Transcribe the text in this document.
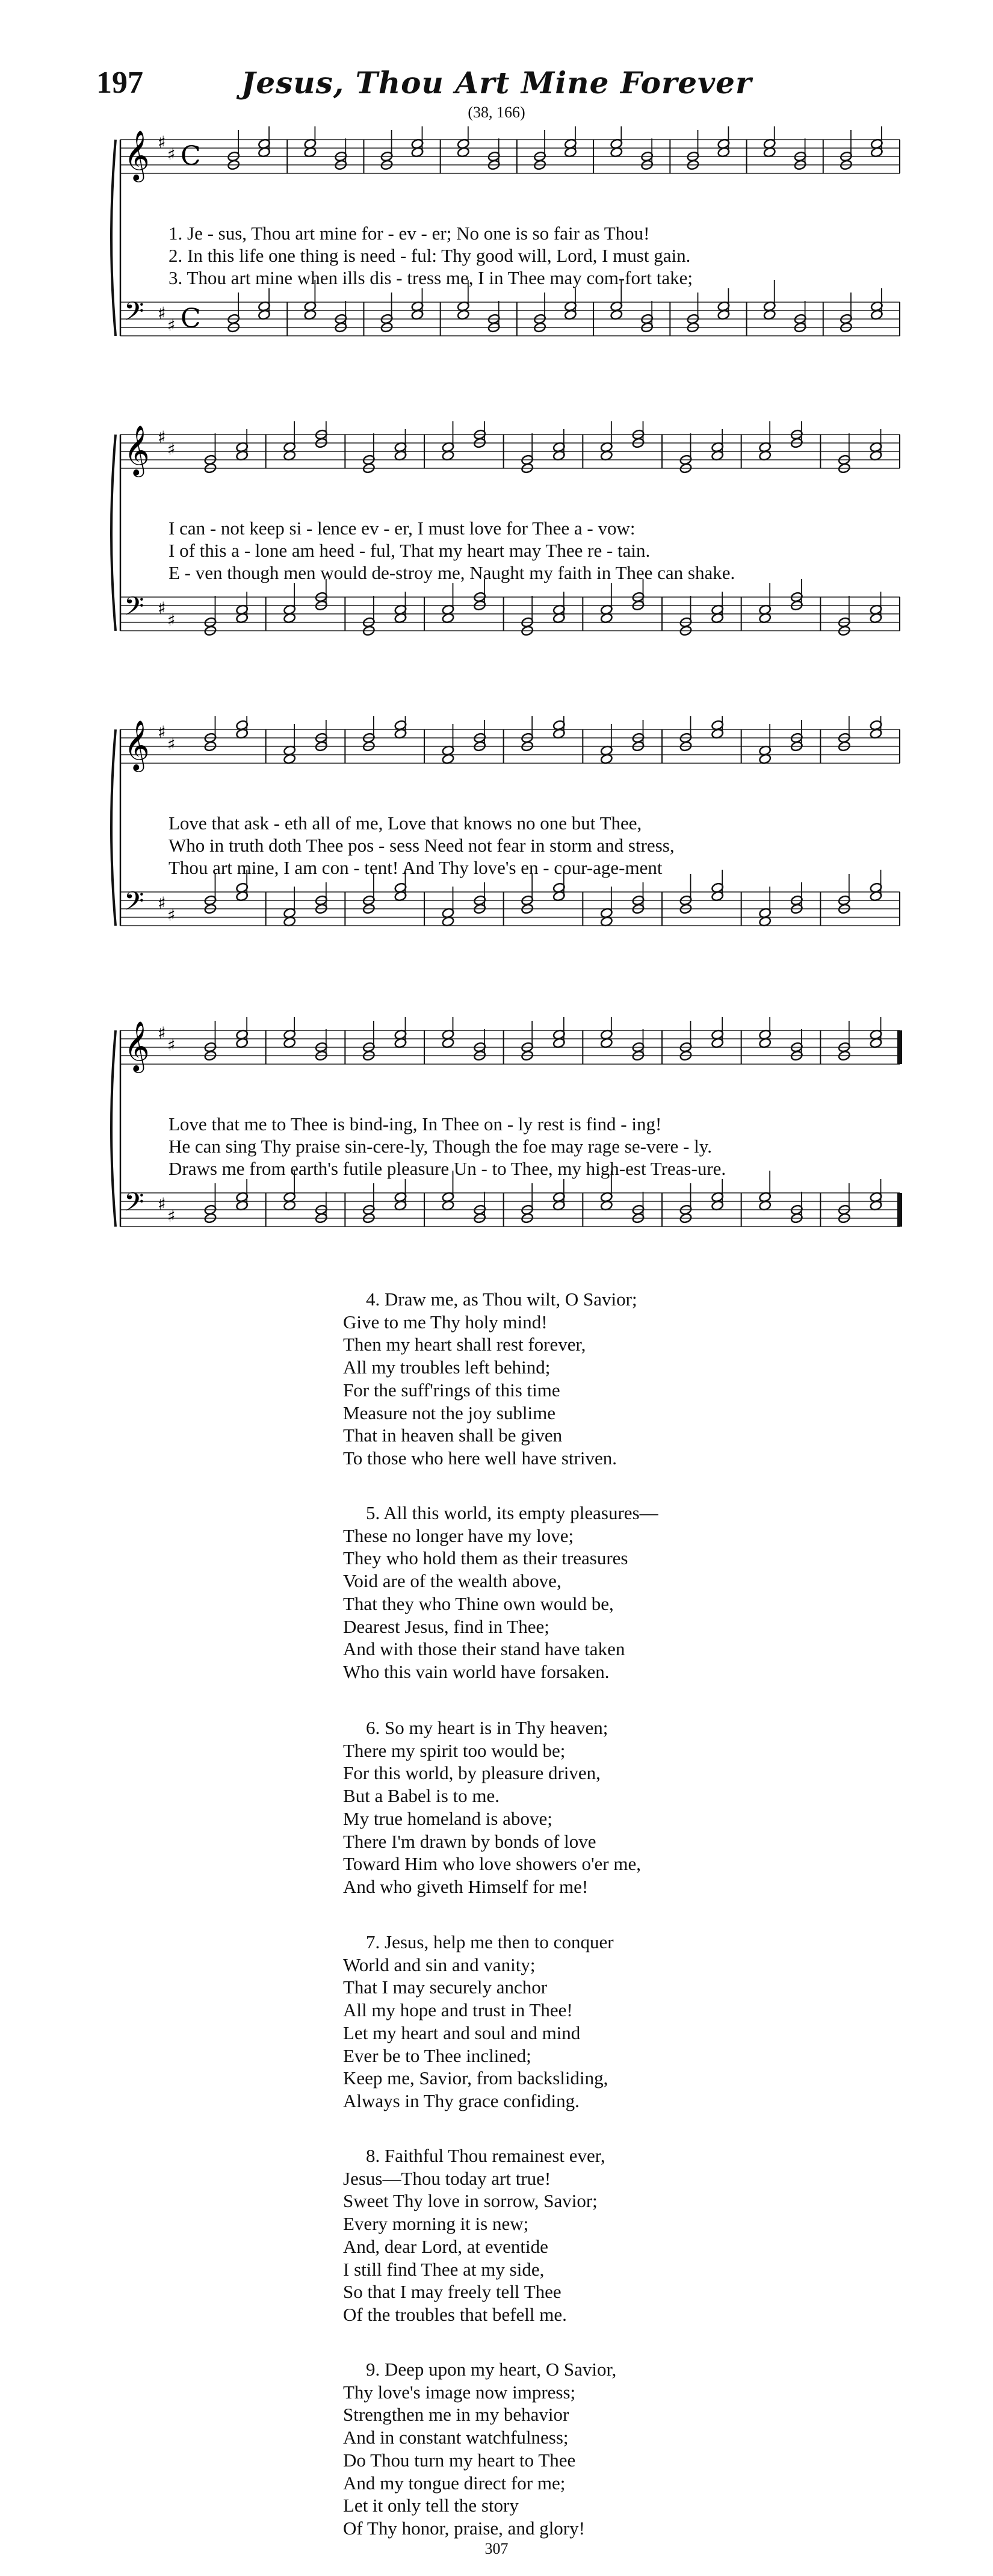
197	Jesus, Thou Art Mine Forever
(38, 166)
𝄞 ♯
♯ C
𝄢 ♯
♯ C
1. Je - sus, Thou art mine for - ev - er; No one is so fair as Thou!
2. In this life one thing is need - ful: Thy good will, Lord, I must gain.
3. Thou art mine when ills dis - tress me, I in Thee may com-fort take;
𝄞 ♯
♯
𝄢 ♯
♯
I can - not keep si - lence ev - er, I must love for Thee a - vow:
I of this a - lone am heed - ful, That my heart may Thee re - tain.
E - ven though men would de-stroy me, Naught my faith in Thee can shake.
𝄞 ♯
♯
𝄢 ♯
♯
Love that ask - eth all of me, Love that knows no one but Thee,
Who in truth doth Thee pos - sess Need not fear in storm and stress,
Thou art mine, I am con - tent! And Thy love's en - cour-age-ment
𝄞 ♯
♯
𝄢 ♯
♯
Love that me to Thee is bind-ing, In Thee on - ly rest is find - ing!
He can sing Thy praise sin-cere-ly, Though the foe may rage se-vere - ly.
Draws me from earth's futile pleasure Un - to Thee, my high-est Treas-ure.
4. Draw me, as Thou wilt, O Savior;
Give to me Thy holy mind!
Then my heart shall rest forever,
All my troubles left behind;
For the suff'rings of this time
Measure not the joy sublime
That in heaven shall be given
To those who here well have striven.
5. All this world, its empty pleasures—
These no longer have my love;
They who hold them as their treasures
Void are of the wealth above,
That they who Thine own would be,
Dearest Jesus, find in Thee;
And with those their stand have taken
Who this vain world have forsaken.
6. So my heart is in Thy heaven;
There my spirit too would be;
For this world, by pleasure driven,
But a Babel is to me.
My true homeland is above;
There I'm drawn by bonds of love
Toward Him who love showers o'er me,
And who giveth Himself for me!
7. Jesus, help me then to conquer
World and sin and vanity;
That I may securely anchor
All my hope and trust in Thee!
Let my heart and soul and mind
Ever be to Thee inclined;
Keep me, Savior, from backsliding,
Always in Thy grace confiding.
8. Faithful Thou remainest ever,
Jesus—Thou today art true!
Sweet Thy love in sorrow, Savior;
Every morning it is new;
And, dear Lord, at eventide
I still find Thee at my side,
So that I may freely tell Thee
Of the troubles that befell me.
9. Deep upon my heart, O Savior,
Thy love's image now impress;
Strengthen me in my behavior
And in constant watchfulness;
Do Thou turn my heart to Thee
And my tongue direct for me;
Let it only tell the story
Of Thy honor, praise, and glory!
307
